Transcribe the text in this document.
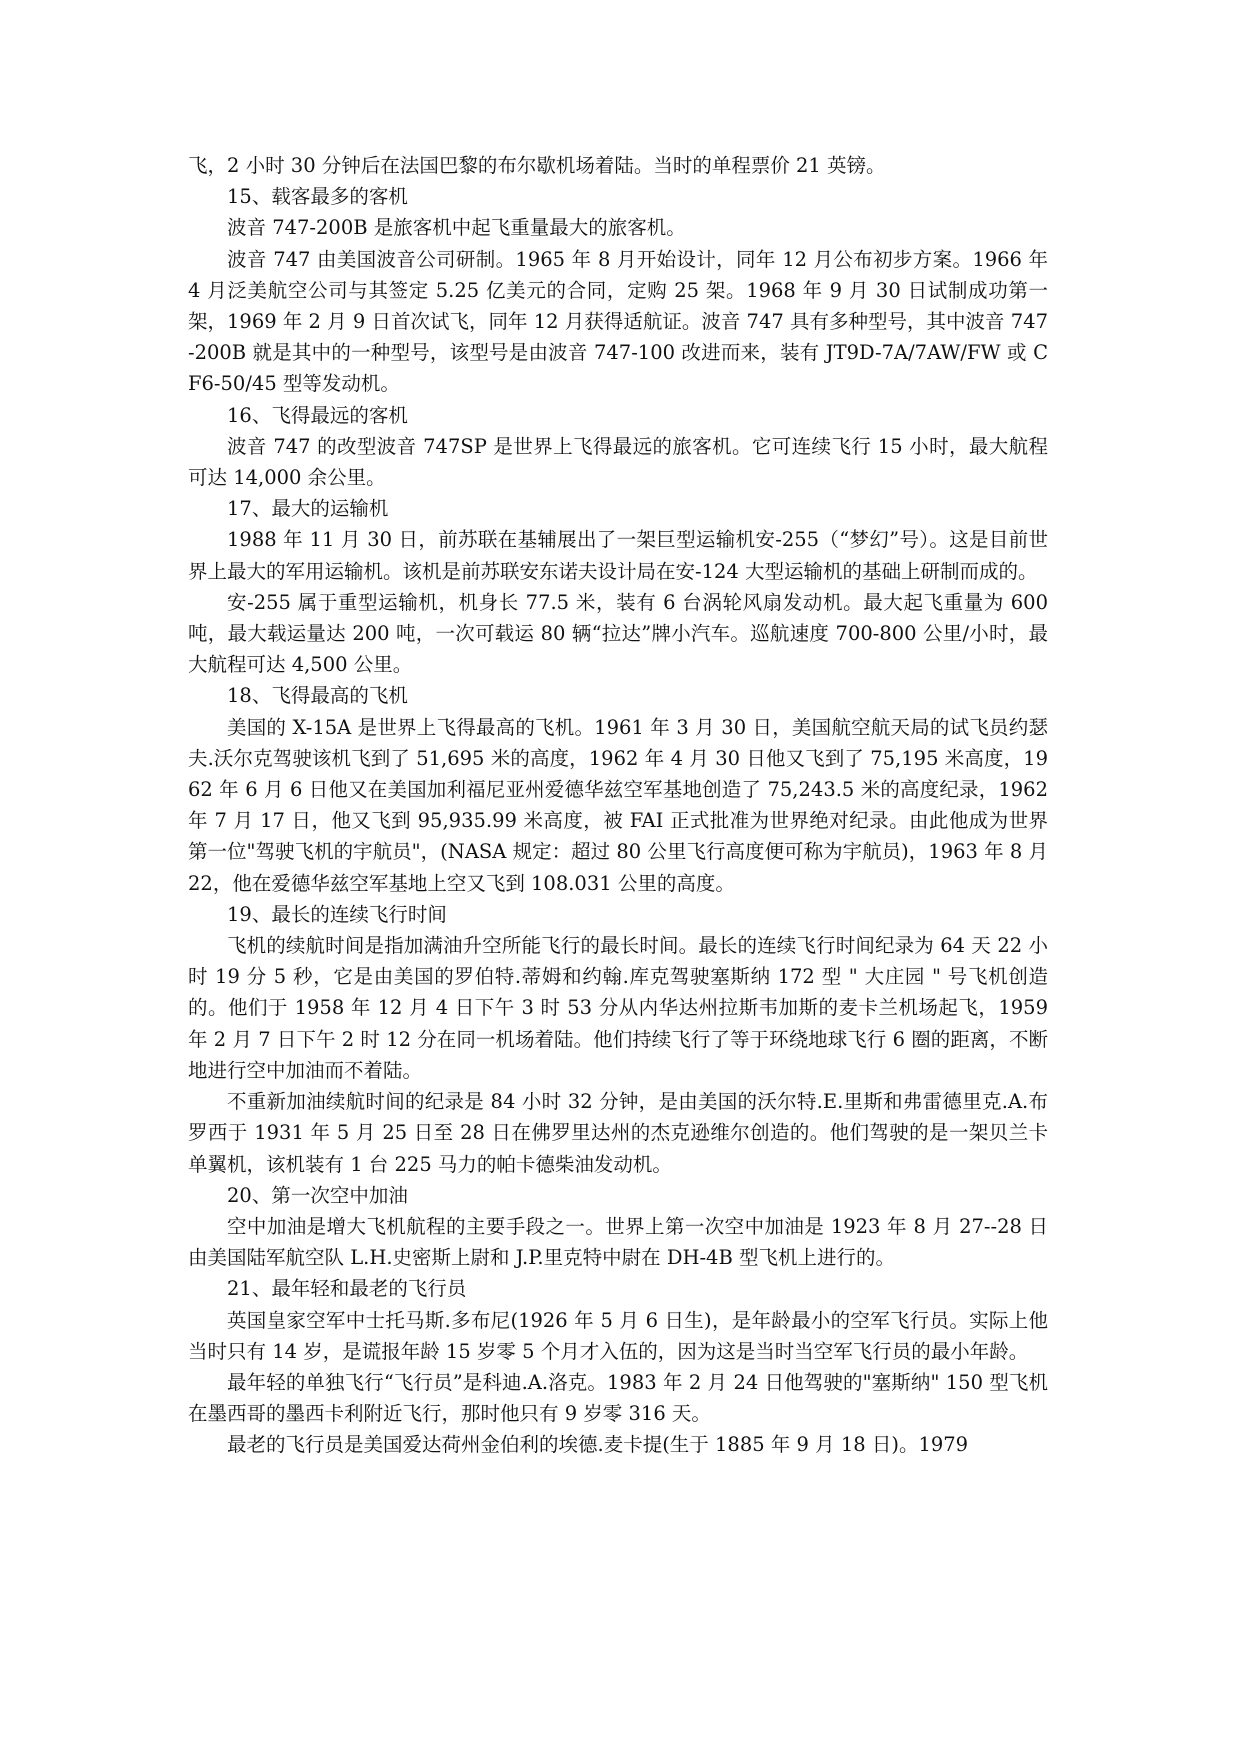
飞，2 小时 30 分钟后在法国巴黎的布尔歇机场着陆。当时的单程票价 21 英镑。

15、载客最多的客机

波音 747-200B 是旅客机中起飞重量最大的旅客机。

波音 747 由美国波音公司研制。1965 年 8 月开始设计，同年 12 月公布初步方案。1966 年 4 月泛美航空公司与其签定 5.25 亿美元的合同，定购 25 架。1968 年 9 月 30 日试制成功第一架，1969 年 2 月 9 日首次试飞，同年 12 月获得适航证。波音 747 具有多种型号，其中波音 747-200B 就是其中的一种型号，该型号是由波音 747-100 改进而来，装有 JT9D-7A/7AW/FW 或 CF6-50/45 型等发动机。

16、飞得最远的客机

波音 747 的改型波音 747SP 是世界上飞得最远的旅客机。它可连续飞行 15 小时，最大航程可达 14,000 余公里。

17、最大的运输机

1988 年 11 月 30 日，前苏联在基辅展出了一架巨型运输机安-255（“梦幻”号）。这是目前世界上最大的军用运输机。该机是前苏联安东诺夫设计局在安-124 大型运输机的基础上研制而成的。

安-255 属于重型运输机，机身长 77.5 米，装有 6 台涡轮风扇发动机。最大起飞重量为 600 吨，最大载运量达 200 吨，一次可载运 80 辆“拉达”牌小汽车。巡航速度 700-800 公里/小时，最大航程可达 4,500 公里。

18、飞得最高的飞机

美国的 X-15A 是世界上飞得最高的飞机。1961 年 3 月 30 日，美国航空航天局的试飞员约瑟夫.沃尔克驾驶该机飞到了 51,695 米的高度，1962 年 4 月 30 日他又飞到了 75,195 米高度，1962 年 6 月 6 日他又在美国加利福尼亚州爱德华兹空军基地创造了 75,243.5 米的高度纪录，1962 年 7 月 17 日，他又飞到 95,935.99 米高度，被 FAI 正式批准为世界绝对纪录。由此他成为世界第一位"驾驶飞机的宇航员"，(NASA 规定：超过 80 公里飞行高度便可称为宇航员)，1963 年 8 月 22，他在爱德华兹空军基地上空又飞到 108.031 公里的高度。

19、最长的连续飞行时间

飞机的续航时间是指加满油升空所能飞行的最长时间。最长的连续飞行时间纪录为 64 天 22 小时 19 分 5 秒，它是由美国的罗伯特.蒂姆和约翰.库克驾驶塞斯纳 172 型 " 大庄园 " 号飞机创造的。他们于 1958 年 12 月 4 日下午 3 时 53 分从内华达州拉斯韦加斯的麦卡兰机场起飞，1959 年 2 月 7 日下午 2 时 12 分在同一机场着陆。他们持续飞行了等于环绕地球飞行 6 圈的距离，不断地进行空中加油而不着陆。

不重新加油续航时间的纪录是 84 小时 32 分钟，是由美国的沃尔特.E.里斯和弗雷德里克.A.布罗西于 1931 年 5 月 25 日至 28 日在佛罗里达州的杰克逊维尔创造的。他们驾驶的是一架贝兰卡单翼机，该机装有 1 台 225 马力的帕卡德柴油发动机。

20、第一次空中加油

空中加油是增大飞机航程的主要手段之一。世界上第一次空中加油是 1923 年 8 月 27--28 日由美国陆军航空队 L.H.史密斯上尉和 J.P.里克特中尉在 DH-4B 型飞机上进行的。

21、最年轻和最老的飞行员

英国皇家空军中士托马斯.多布尼(1926 年 5 月 6 日生)，是年龄最小的空军飞行员。实际上他当时只有 14 岁，是谎报年龄 15 岁零 5 个月才入伍的，因为这是当时当空军飞行员的最小年龄。

最年轻的单独飞行“飞行员”是科迪.A.洛克。1983 年 2 月 24 日他驾驶的"塞斯纳" 150 型飞机在墨西哥的墨西卡利附近飞行，那时他只有 9 岁零 316 天。

最老的飞行员是美国爱达荷州金伯利的埃德.麦卡提(生于 1885 年 9 月 18 日)。1979
